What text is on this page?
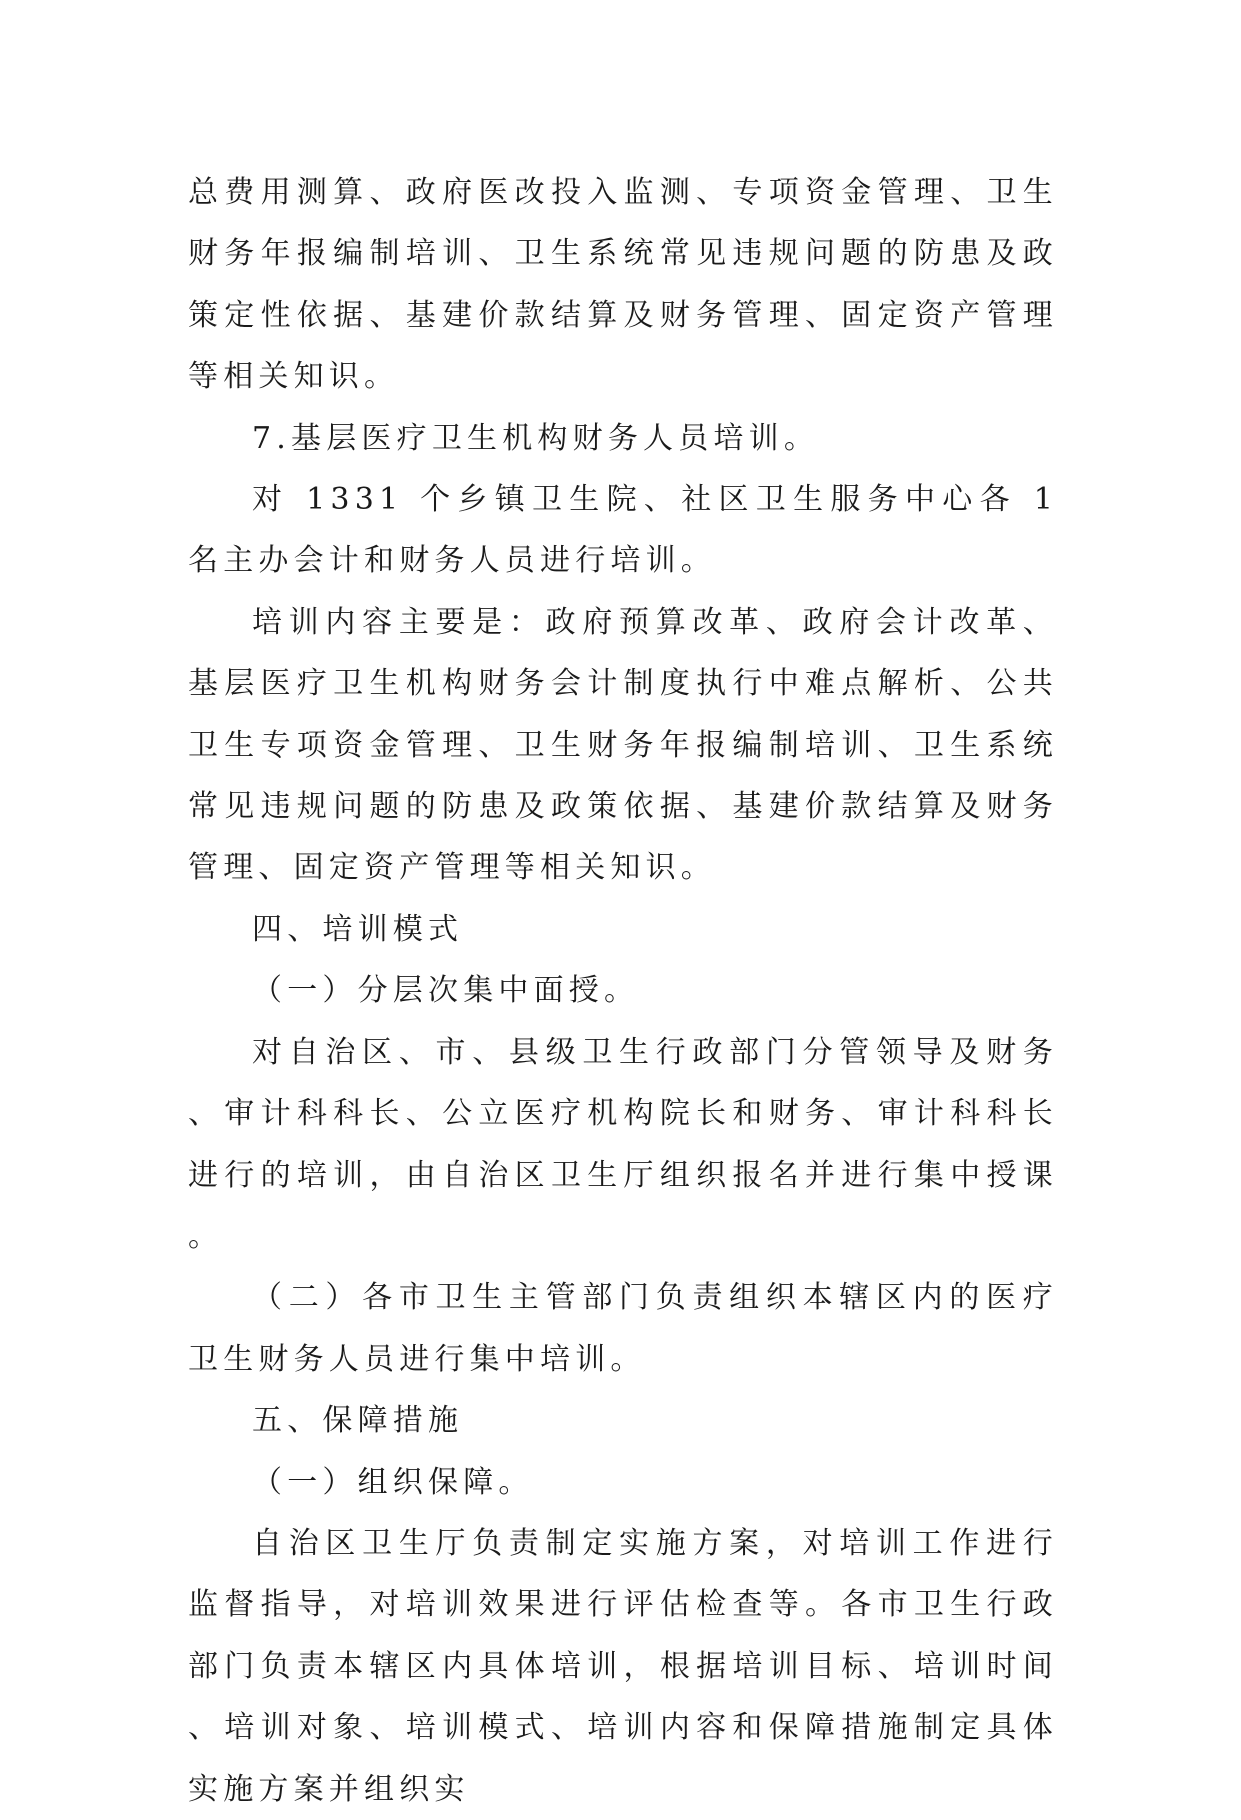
总费用测算、政府医改投入监测、专项资金管理、卫生财务年报编制培训、卫生系统常见违规问题的防患及政策定性依据、基建价款结算及财务管理、固定资产管理等相关知识。

7.基层医疗卫生机构财务人员培训。

对 1331 个乡镇卫生院、社区卫生服务中心各 1 名主办会计和财务人员进行培训。

培训内容主要是：政府预算改革、政府会计改革、基层医疗卫生机构财务会计制度执行中难点解析、公共卫生专项资金管理、卫生财务年报编制培训、卫生系统常见违规问题的防患及政策依据、基建价款结算及财务管理、固定资产管理等相关知识。

四、培训模式

（一）分层次集中面授。

对自治区、市、县级卫生行政部门分管领导及财务、审计科科长、公立医疗机构院长和财务、审计科科长进行的培训，由自治区卫生厅组织报名并进行集中授课。

（二）各市卫生主管部门负责组织本辖区内的医疗卫生财务人员进行集中培训。

五、保障措施

（一）组织保障。

自治区卫生厅负责制定实施方案，对培训工作进行监督指导，对培训效果进行评估检查等。各市卫生行政部门负责本辖区内具体培训，根据培训目标、培训时间、培训对象、培训模式、培训内容和保障措施制定具体实施方案并组织实
